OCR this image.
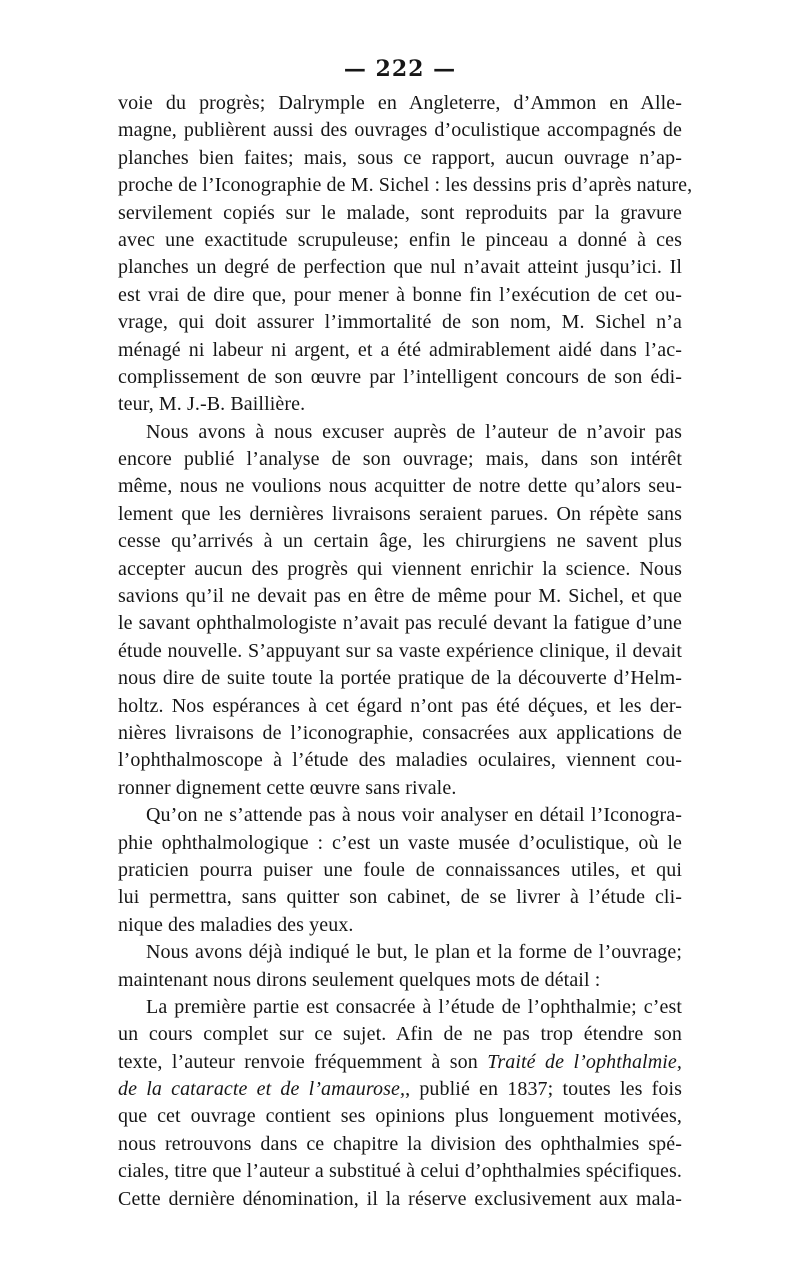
— 222 —
voie du progrès; Dalrymple en Angleterre, d’Ammon en Alle-
magne, publièrent aussi des ouvrages d’oculistique accompagnés de
planches bien faites; mais, sous ce rapport, aucun ouvrage n’ap-
proche de l’Iconographie de M. Sichel : les dessins pris d’après nature,
servilement copiés sur le malade, sont reproduits par la gravure
avec une exactitude scrupuleuse; enfin le pinceau a donné à ces
planches un degré de perfection que nul n’avait atteint jusqu’ici. Il
est vrai de dire que, pour mener à bonne fin l’exécution de cet ou-
vrage, qui doit assurer l’immortalité de son nom, M. Sichel n’a
ménagé ni labeur ni argent, et a été admirablement aidé dans l’ac-
complissement de son œuvre par l’intelligent concours de son édi-
teur, M. J.-B. Baillière.
Nous avons à nous excuser auprès de l’auteur de n’avoir pas
encore publié l’analyse de son ouvrage; mais, dans son intérêt
même, nous ne voulions nous acquitter de notre dette qu’alors seu-
lement que les dernières livraisons seraient parues. On répète sans
cesse qu’arrivés à un certain âge, les chirurgiens ne savent plus
accepter aucun des progrès qui viennent enrichir la science. Nous
savions qu’il ne devait pas en être de même pour M. Sichel, et que
le savant ophthalmologiste n’avait pas reculé devant la fatigue d’une
étude nouvelle. S’appuyant sur sa vaste expérience clinique, il devait
nous dire de suite toute la portée pratique de la découverte d’Helm-
holtz. Nos espérances à cet égard n’ont pas été déçues, et les der-
nières livraisons de l’iconographie, consacrées aux applications de
l’ophthalmoscope à l’étude des maladies oculaires, viennent cou-
ronner dignement cette œuvre sans rivale.
Qu’on ne s’attende pas à nous voir analyser en détail l’Iconogra-
phie ophthalmologique : c’est un vaste musée d’oculistique, où le
praticien pourra puiser une foule de connaissances utiles, et qui
lui permettra, sans quitter son cabinet, de se livrer à l’étude cli-
nique des maladies des yeux.
Nous avons déjà indiqué le but, le plan et la forme de l’ouvrage;
maintenant nous dirons seulement quelques mots de détail :
La première partie est consacrée à l’étude de l’ophthalmie; c’est
un cours complet sur ce sujet. Afin de ne pas trop étendre son
texte, l’auteur renvoie fréquemment à son Traité de l’ophthalmie,
de la cataracte et de l’amaurose,, publié en 1837; toutes les fois
que cet ouvrage contient ses opinions plus longuement motivées,
nous retrouvons dans ce chapitre la division des ophthalmies spé-
ciales, titre que l’auteur a substitué à celui d’ophthalmies spécifiques.
Cette dernière dénomination, il la réserve exclusivement aux mala-
